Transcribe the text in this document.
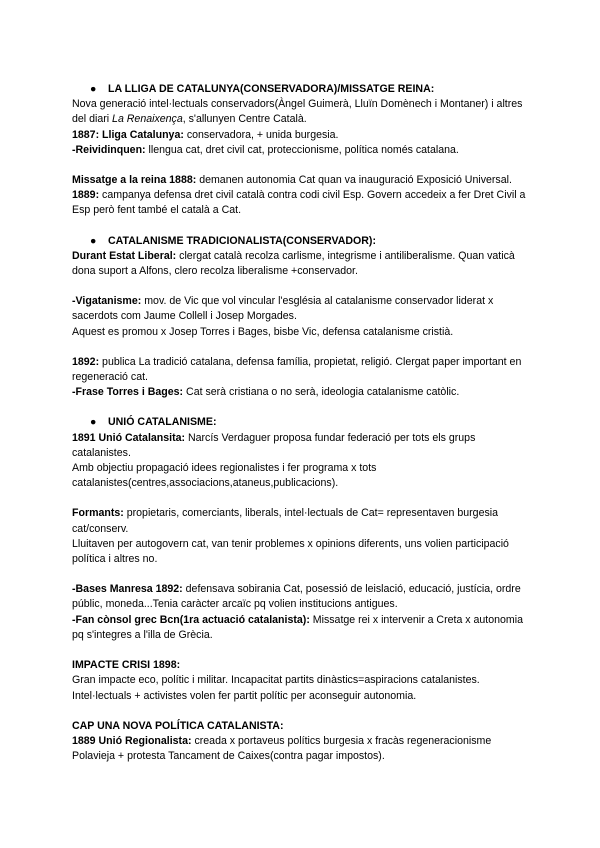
● LA LLIGA DE CATALUNYA(CONSERVADORA)/MISSATGE REINA:

Nova generació intel·lectuals conservadors(Àngel Guimerà, Lluïn Domènech i Montaner) i altres del diari La Renaixença, s'allunyen Centre Català.

1887: Lliga Catalunya: conservadora, + unida burgesia.

-Reividinquen: llengua cat, dret civil cat, proteccionisme, política només catalana.

Missatge a la reina 1888: demanen autonomia Cat quan va inauguració Exposició Universal.

1889: campanya defensa dret civil català contra codi civil Esp. Govern accedeix a fer Dret Civil a Esp però fent també el català a Cat.

● CATALANISME TRADICIONALISTA(CONSERVADOR):

Durant Estat Liberal: clergat català recolza carlisme, integrisme i antiliberalisme. Quan vaticà dona suport a Alfons, clero recolza liberalisme +conservador.

-Vigatanisme: mov. de Vic que vol vincular l'església al catalanisme conservador liderat x sacerdots com Jaume Collell i Josep Morgades.

Aquest es promou x Josep Torres i Bages, bisbe Vic, defensa catalanisme cristià.

1892: publica La tradició catalana, defensa família, propietat, religió. Clergat paper important en regeneració cat.

-Frase Torres i Bages: Cat serà cristiana o no serà, ideologia catalanisme catòlic.

● UNIÓ CATALANISME:

1891 Unió Catalansita: Narcís Verdaguer proposa fundar federació per tots els grups catalanistes.

Amb objectiu propagació idees regionalistes i fer programa x tots catalanistes(centres,associacions,ataneus,publicacions).

Formants: propietaris, comerciants, liberals, intel·lectuals de Cat= representaven burgesia cat/conserv.

Lluitaven per autogovern cat, van tenir problemes x opinions diferents, uns volien participació política i altres no.

-Bases Manresa 1892: defensava sobirania Cat, posessió de leislació, educació, justícia, ordre públic, moneda...Tenia caràcter arcaïc pq volien institucions antigues.

-Fan cònsol grec Bcn(1ra actuació catalanista): Missatge rei x intervenir a Creta x autonomia pq s'integres a l'illa de Grècia.

IMPACTE CRISI 1898:

Gran impacte eco, polític i militar. Incapacitat partits dinàstics=aspiracions catalanistes.

Intel·lectuals + activistes volen fer partit polític per aconseguir autonomia.

CAP UNA NOVA POLÍTICA CATALANISTA:

1889 Unió Regionalista: creada x portaveus polítics burgesia x fracàs regeneracionisme Polavieja + protesta Tancament de Caixes(contra pagar impostos).
